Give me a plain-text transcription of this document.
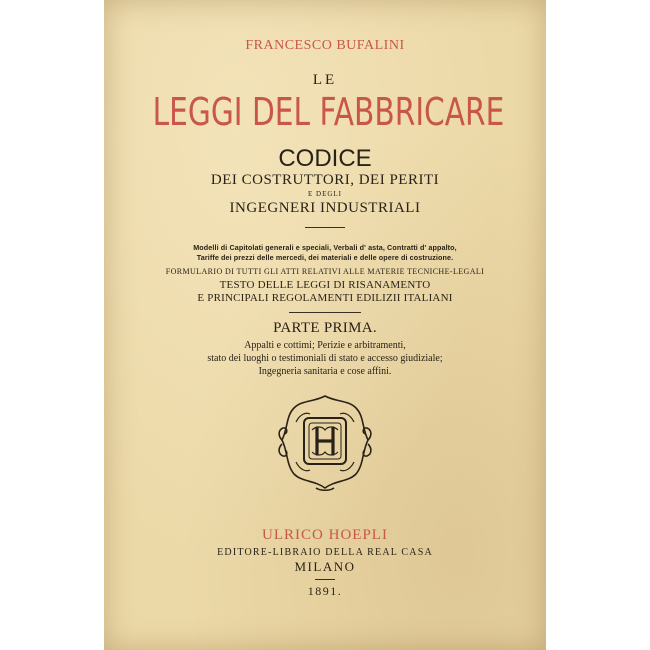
FRANCESCO BUFALINI

LE

LEGGI DEL FABBRICARE

CODICE

DEI COSTRUTTORI, DEI PERITI

E DEGLI

INGEGNERI INDUSTRIALI

Modelli di Capitolati generali e speciali, Verbali d' asta, Contratti d' appalto,

Tariffe dei prezzi delle mercedi, dei materiali e delle opere di costruzione.

FORMULARIO DI TUTTI GLI ATTI RELATIVI ALLE MATERIE TECNICHE-LEGALI

TESTO DELLE LEGGI DI RISANAMENTO

E PRINCIPALI REGOLAMENTI EDILIZII ITALIANI

PARTE PRIMA.

Appalti e cottimi; Perizie e arbitramenti,

stato dei luoghi o testimoniali di stato e accesso giudiziale;

Ingegneria sanitaria e cose affini.

ULRICO HOEPLI

EDITORE-LIBRAIO DELLA REAL CASA

MILANO

1891.
